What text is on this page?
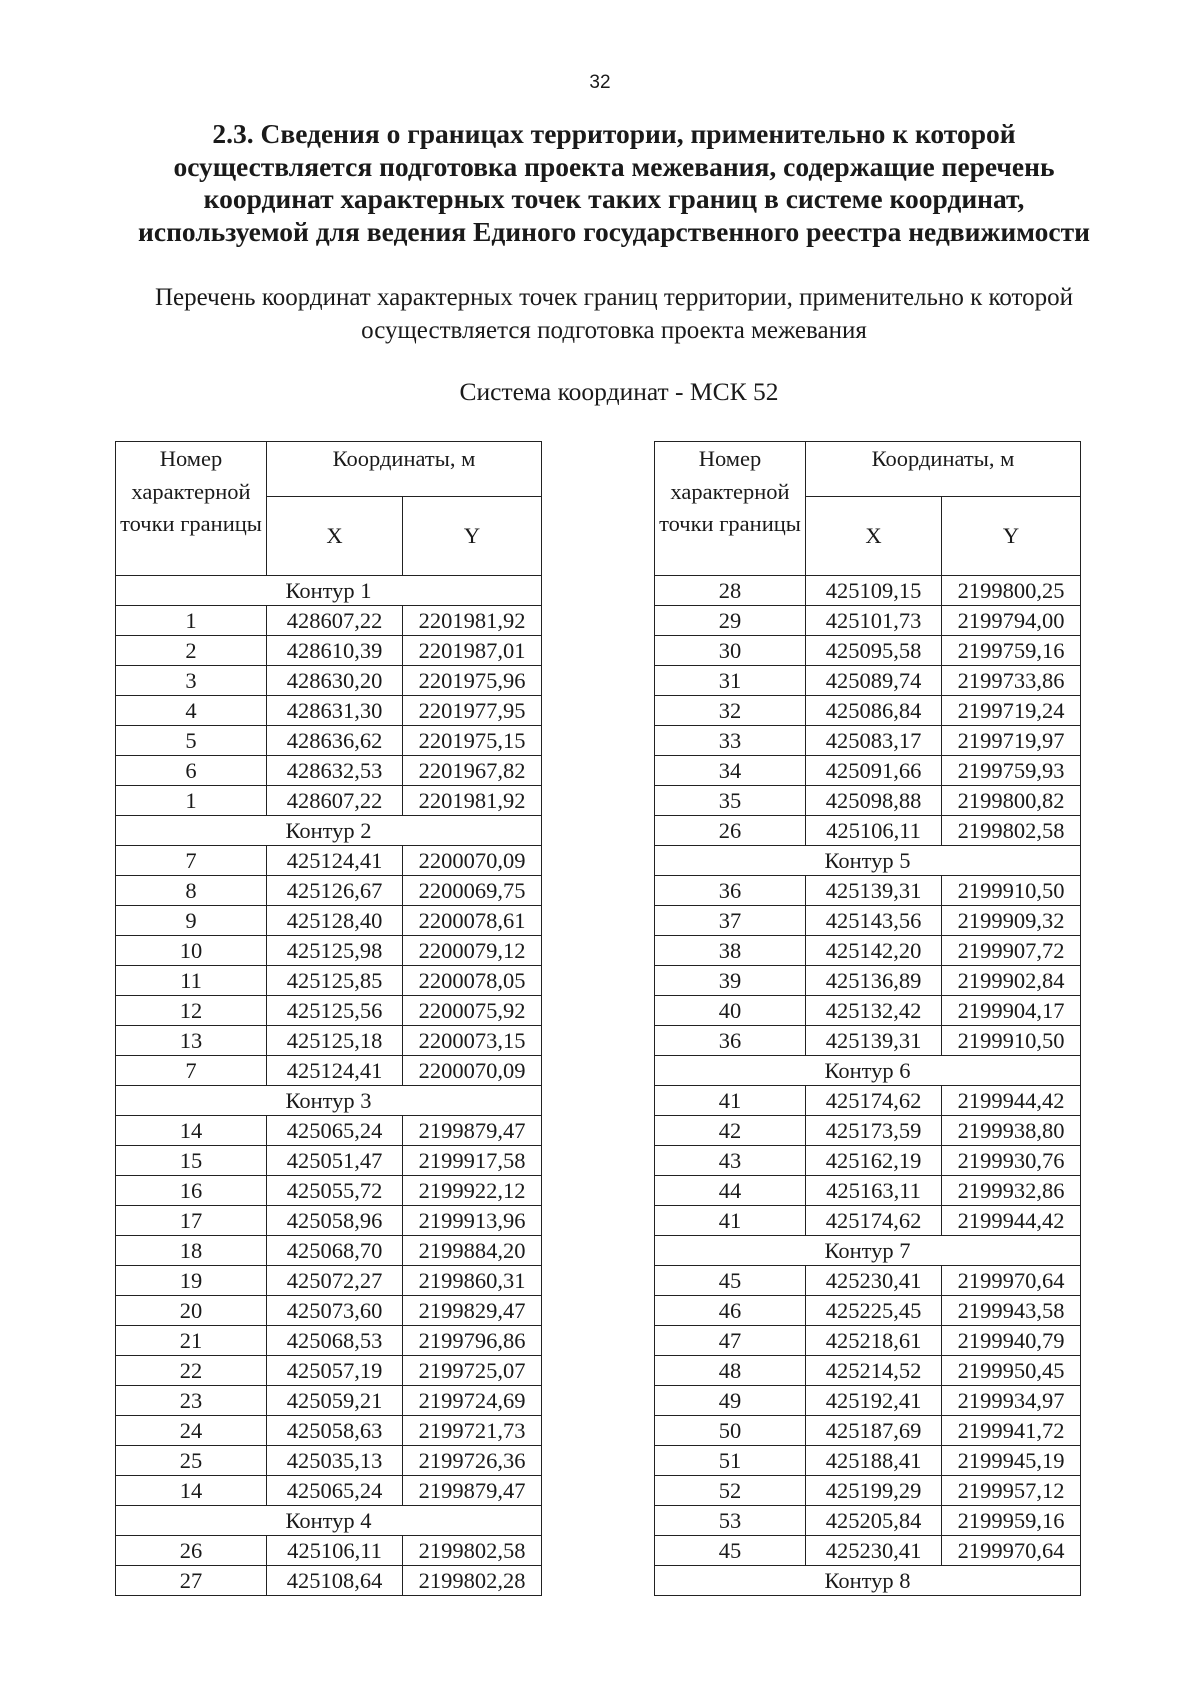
32
2.3. Сведения о границах территории, применительно к которой осуществляется подготовка проекта межевания, содержащие перечень координат характерных точек таких границ в системе координат, используемой для ведения Единого государственного реестра недвижимости

Перечень координат характерных точек границ территории, применительно к которой осуществляется подготовка проекта межевания

Система координат - МСК 52

Номер характерной точки границы	Координаты, м	
	X	Y
Контур 1		
1	428607,22	2201981,92
2	428610,39	2201987,01
3	428630,20	2201975,96
4	428631,30	2201977,95
5	428636,62	2201975,15
6	428632,53	2201967,82
1	428607,22	2201981,92
Контур 2		
7	425124,41	2200070,09
8	425126,67	2200069,75
9	425128,40	2200078,61
10	425125,98	2200079,12
11	425125,85	2200078,05
12	425125,56	2200075,92
13	425125,18	2200073,15
7	425124,41	2200070,09
Контур 3		
14	425065,24	2199879,47
15	425051,47	2199917,58
16	425055,72	2199922,12
17	425058,96	2199913,96
18	425068,70	2199884,20
19	425072,27	2199860,31
20	425073,60	2199829,47
21	425068,53	2199796,86
22	425057,19	2199725,07
23	425059,21	2199724,69
24	425058,63	2199721,73
25	425035,13	2199726,36
14	425065,24	2199879,47
Контур 4		
26	425106,11	2199802,58
27	425108,64	2199802,28
Номер характерной точки границы	Координаты, м	
	X	Y
28	425109,15	2199800,25
29	425101,73	2199794,00
30	425095,58	2199759,16
31	425089,74	2199733,86
32	425086,84	2199719,24
33	425083,17	2199719,97
34	425091,66	2199759,93
35	425098,88	2199800,82
26	425106,11	2199802,58
Контур 5		
36	425139,31	2199910,50
37	425143,56	2199909,32
38	425142,20	2199907,72
39	425136,89	2199902,84
40	425132,42	2199904,17
36	425139,31	2199910,50
Контур 6		
41	425174,62	2199944,42
42	425173,59	2199938,80
43	425162,19	2199930,76
44	425163,11	2199932,86
41	425174,62	2199944,42
Контур 7		
45	425230,41	2199970,64
46	425225,45	2199943,58
47	425218,61	2199940,79
48	425214,52	2199950,45
49	425192,41	2199934,97
50	425187,69	2199941,72
51	425188,41	2199945,19
52	425199,29	2199957,12
53	425205,84	2199959,16
45	425230,41	2199970,64
Контур 8		
